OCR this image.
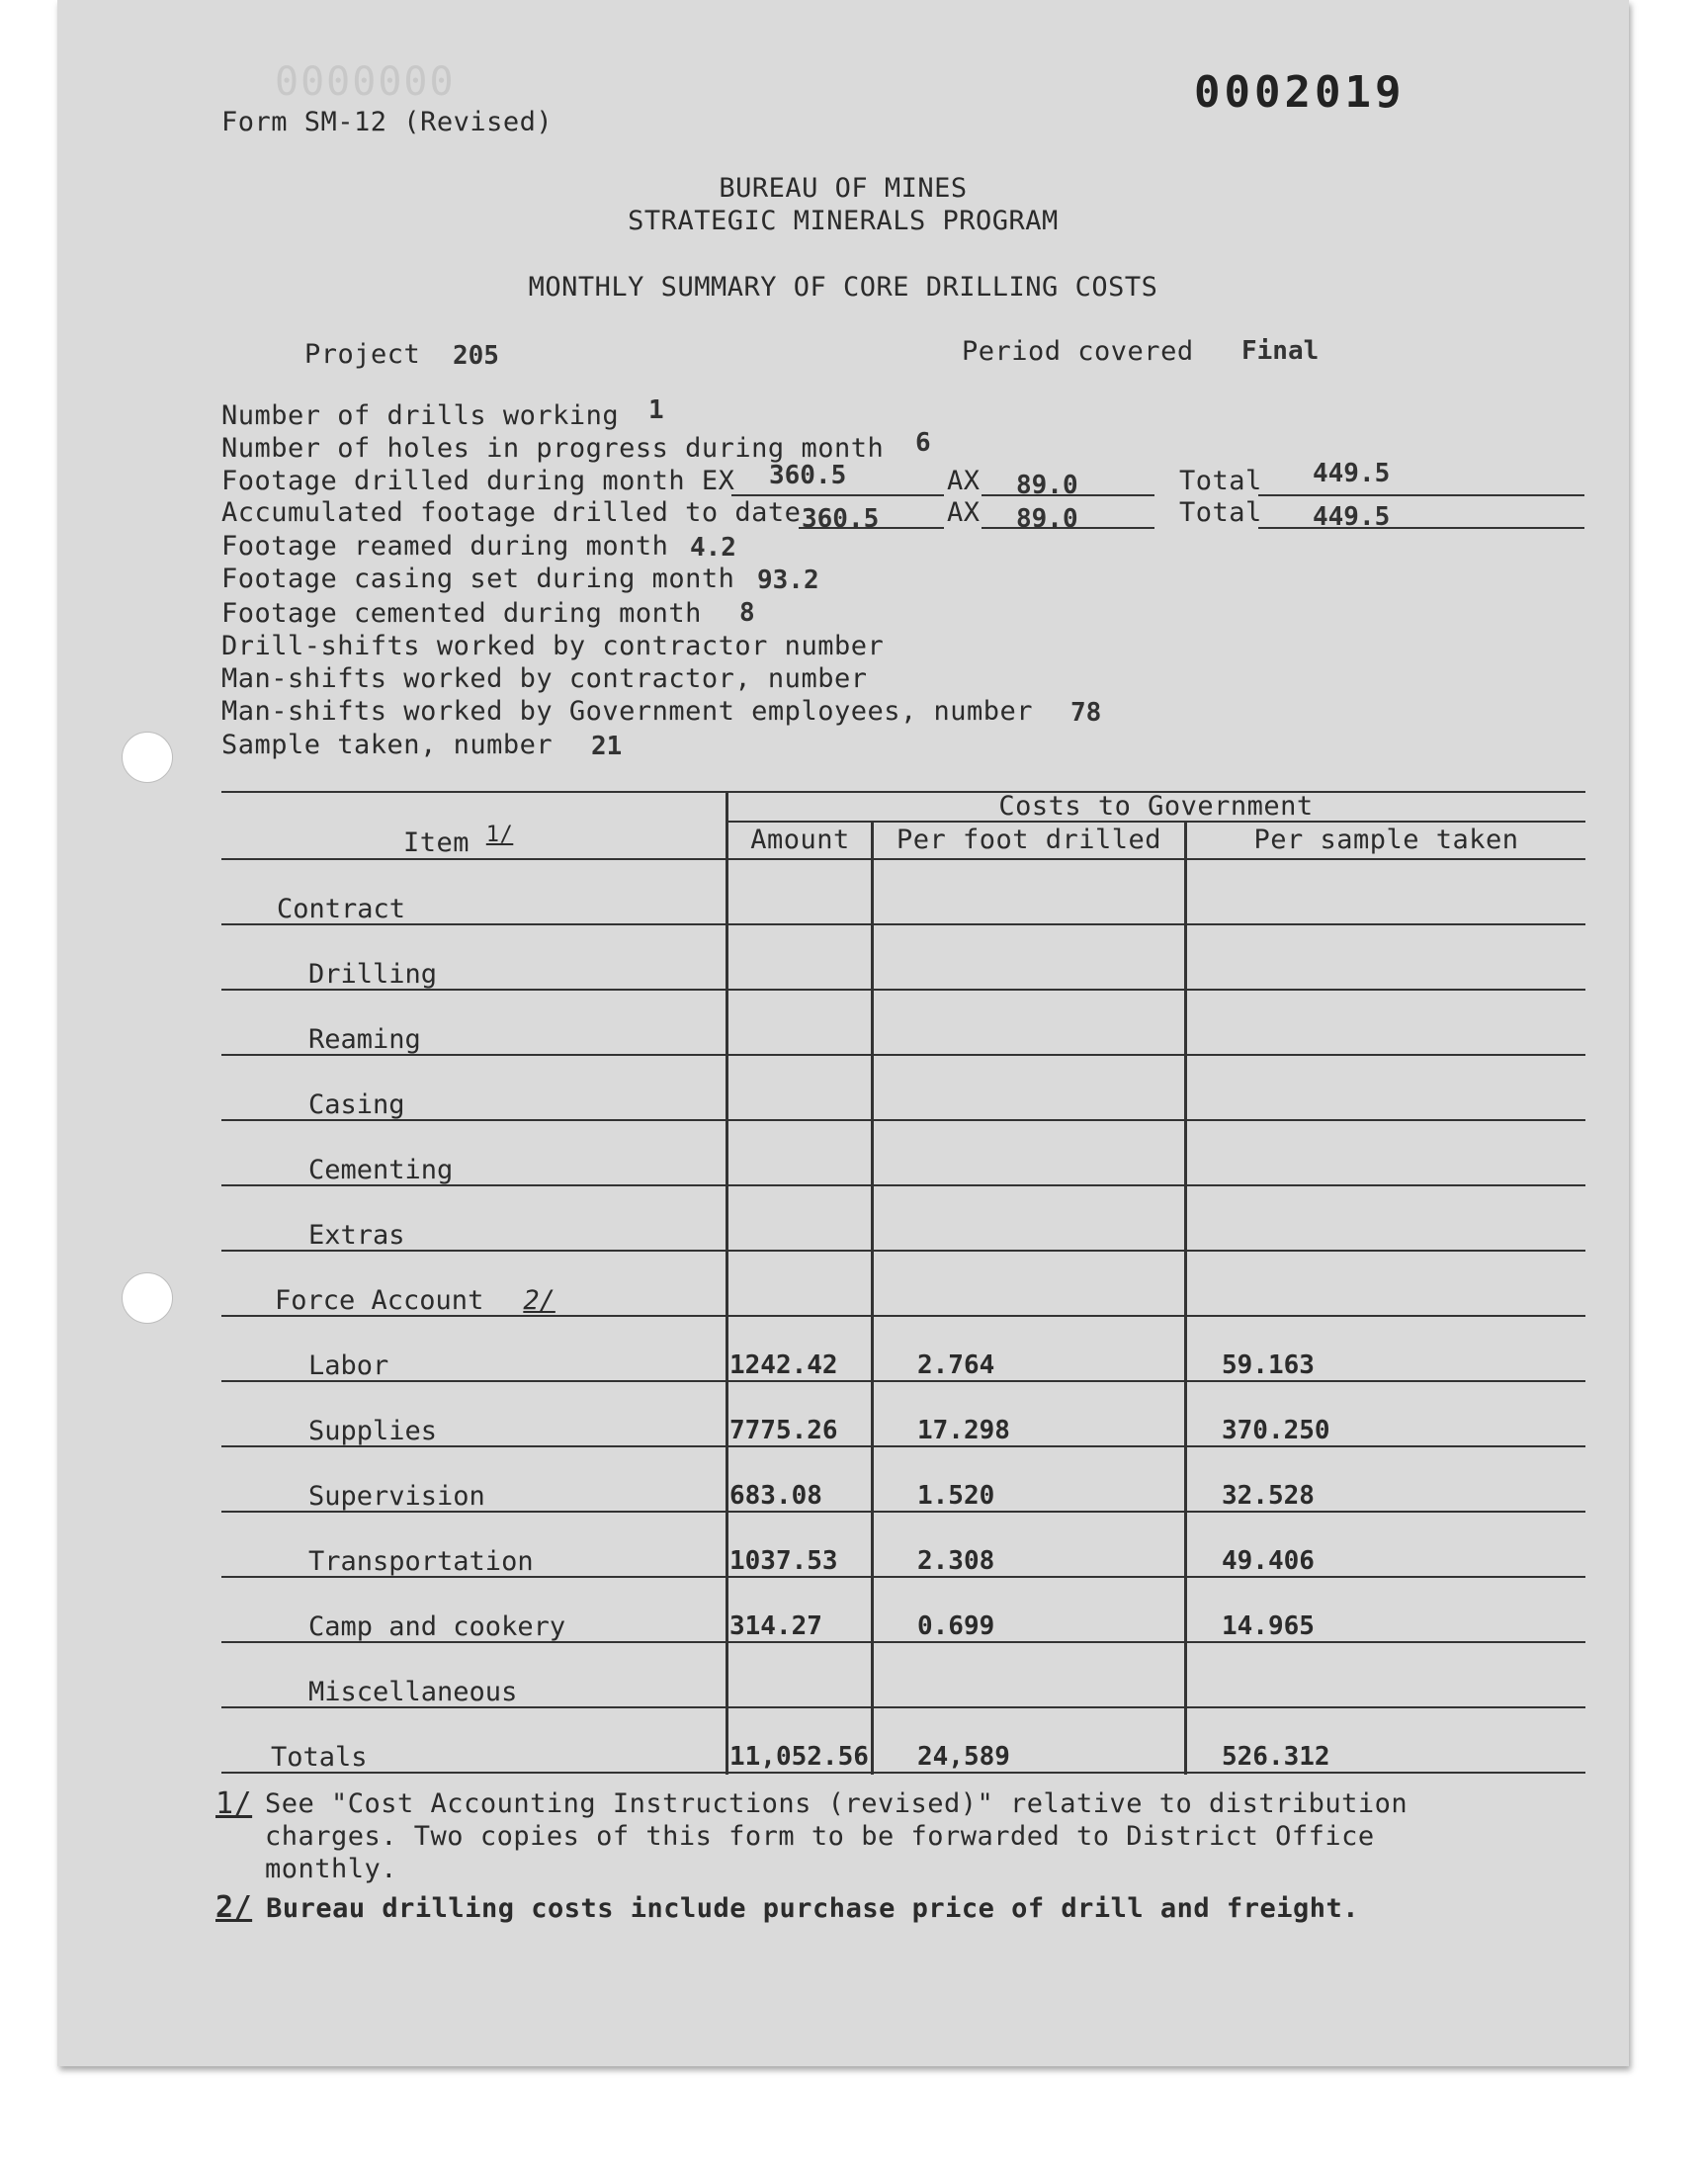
0000000	0002019
Form SM-12 (Revised)
BUREAU OF MINES
STRATEGIC MINERALS PROGRAM
MONTHLY SUMMARY OF CORE DRILLING COSTS
Project 205	Period covered Final
Number of drills working 1
Number of holes in progress during month 6
Footage drilled during month EX 360.5	AX 89.0	Total 449.5
Accumulated footage drilled to date 360.5	AX 89.0	Total 449.5
Footage reamed during month 4.2
Footage casing set during month 93.2
Footage cemented during month 8
Drill-shifts worked by contractor number
Man-shifts worked by contractor, number
Man-shifts worked by Government employees, number 78
Sample taken, number 21
Costs to Government
Item $^{1/}$	Amount	Per foot drilled	Per sample taken
Contract
Drilling
Reaming
Casing
Cementing
Extras
Force Account 2/
Labor	1242.42	2.764	59.163
Supplies	7775.26	17.298	370.250
Supervision	683.08	1.520	32.528
Transportation	1037.53	2.308	49.406
Camp and cookery	314.27	0.699	14.965
Miscellaneous
Totals	11,052.56 24,589	526.312
1/ See "Cost Accounting Instructions (revised)" relative to distribution
charges. Two copies of this form to be forwarded to District Office
monthly.
2/ Bureau drilling costs include purchase price of drill and freight.
